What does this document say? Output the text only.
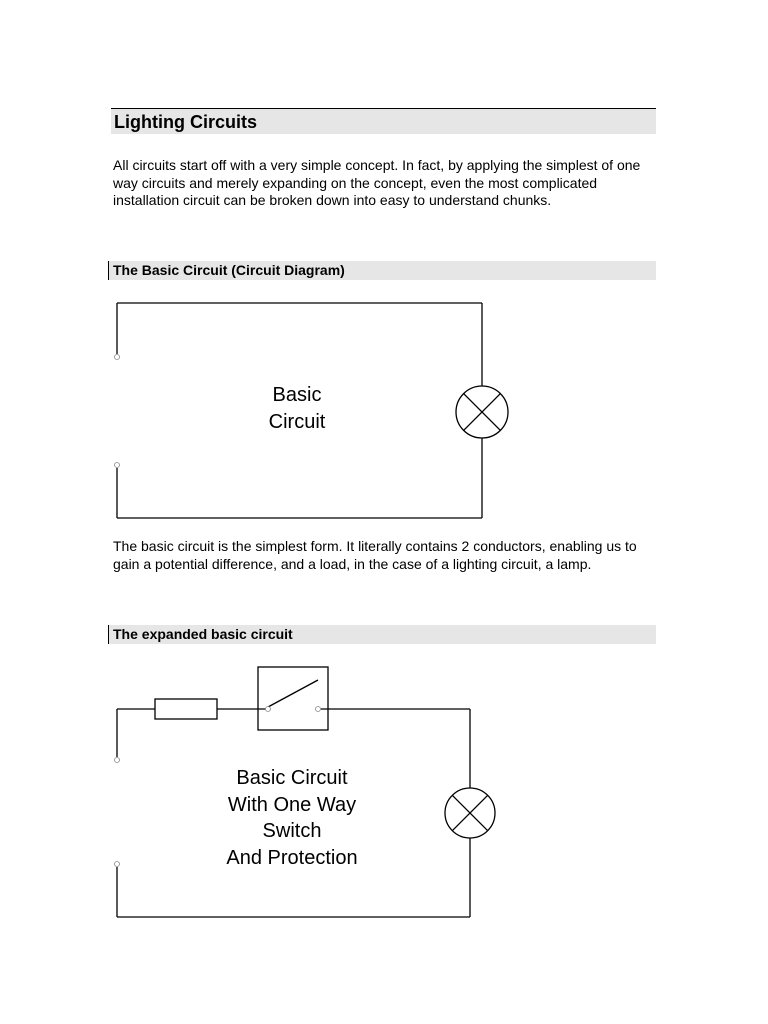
Lighting Circuits

All circuits start off with a very simple concept. In fact, by applying the simplest of one way circuits and merely expanding on the concept, even the most complicated installation circuit can be broken down into easy to understand chunks.

The Basic Circuit (Circuit Diagram)
Basic
Circuit

The basic circuit is the simplest form. It literally contains 2 conductors, enabling us to gain a potential difference, and a load, in the case of a lighting circuit, a lamp.

The expanded basic circuit
Basic Circuit
With One Way
Switch
And Protection
